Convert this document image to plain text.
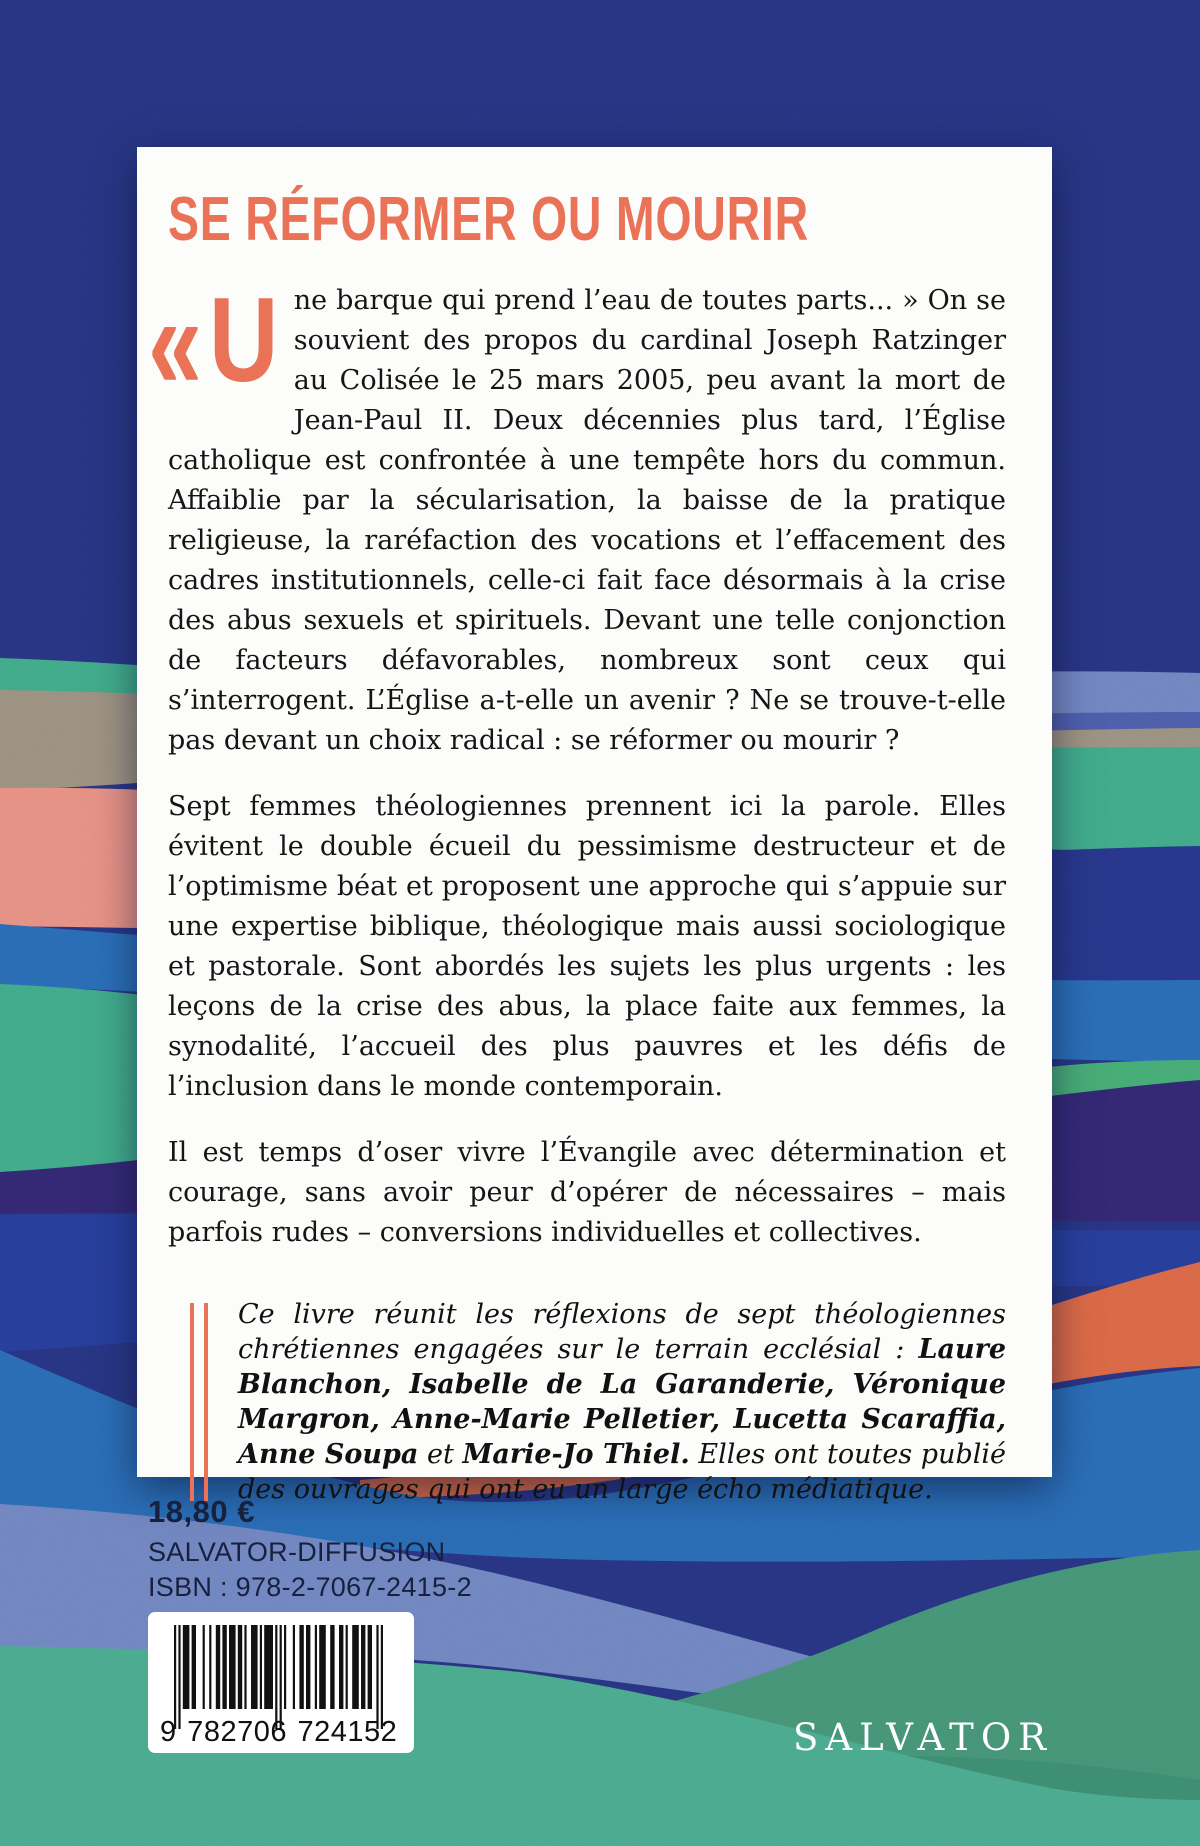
SE RÉFORMER OU MOURIR

« U ne barque qui prend l’eau de toutes parts... » On se souvient des propos du cardinal Joseph Ratzinger au Colisée le 25 mars 2005, peu avant la mort de Jean-Paul II. Deux décennies plus tard, l’Église catholique est confrontée à une tempête hors du commun. Affaiblie par la sécularisation, la baisse de la pratique religieuse, la raréfaction des vocations et l’effacement des cadres institutionnels, celle-ci fait face désormais à la crise des abus sexuels et spirituels. Devant une telle conjonction de facteurs défavorables, nombreux sont ceux qui s’interrogent. L’Église a-t-elle un avenir ? Ne se trouve-t-elle pas devant un choix radical : se réformer ou mourir ?

Sept femmes théologiennes prennent ici la parole. Elles évitent le double écueil du pessimisme destructeur et de l’optimisme béat et proposent une approche qui s’appuie sur une expertise biblique, théologique mais aussi sociologique et pastorale. Sont abordés les sujets les plus urgents : les leçons de la crise des abus, la place faite aux femmes, la synodalité, l’accueil des plus pauvres et les défis de l’inclusion dans le monde contemporain.

Il est temps d’oser vivre l’Évangile avec détermination et courage, sans avoir peur d’opérer de nécessaires – mais parfois rudes – conversions individuelles et collectives.

Ce livre réunit les réflexions de sept théologiennes chrétiennes engagées sur le terrain ecclésial : Laure Blanchon, Isabelle de La Garanderie, Véronique Margron, Anne-Marie Pelletier, Lucetta Scaraffia, Anne Soupa et Marie-Jo Thiel. Elles ont toutes publié des ouvrages qui ont eu un large écho médiatique.

18,80 €
SALVATOR-DIFFUSION
ISBN : 978-2-7067-2415-2
9 782706 724152	SALVATOR
